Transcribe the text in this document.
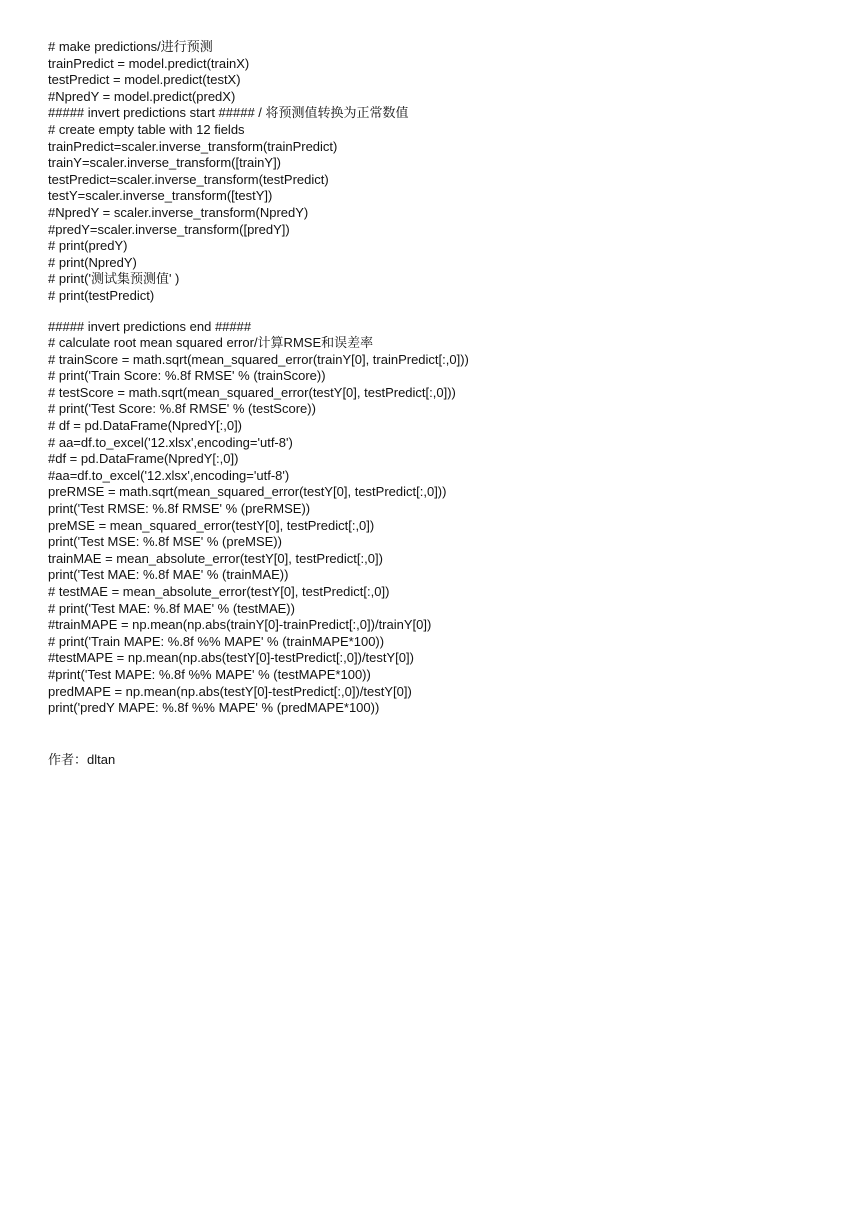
# make predictions/进行预测
trainPredict = model.predict(trainX)
testPredict = model.predict(testX)
#NpredY = model.predict(predX)
##### invert predictions start ##### / 将预测值转换为正常数值
# create empty table with 12 fields
trainPredict=scaler.inverse_transform(trainPredict)
trainY=scaler.inverse_transform([trainY])
testPredict=scaler.inverse_transform(testPredict)
testY=scaler.inverse_transform([testY])
#NpredY = scaler.inverse_transform(NpredY)
#predY=scaler.inverse_transform([predY])
# print(predY)
# print(NpredY)
# print('测试集预测值' )
# print(testPredict)
##### invert predictions end #####
# calculate root mean squared error/计算RMSE和误差率
# trainScore = math.sqrt(mean_squared_error(trainY[0], trainPredict[:,0]))
# print('Train Score: %.8f RMSE' % (trainScore))
# testScore = math.sqrt(mean_squared_error(testY[0], testPredict[:,0]))
# print('Test Score: %.8f RMSE' % (testScore))
# df = pd.DataFrame(NpredY[:,0])
# aa=df.to_excel('12.xlsx',encoding='utf-8')
#df = pd.DataFrame(NpredY[:,0])
#aa=df.to_excel('12.xlsx',encoding='utf-8')
preRMSE = math.sqrt(mean_squared_error(testY[0], testPredict[:,0]))
print('Test RMSE: %.8f RMSE' % (preRMSE))
preMSE = mean_squared_error(testY[0], testPredict[:,0])
print('Test MSE: %.8f MSE' % (preMSE))
trainMAE = mean_absolute_error(testY[0], testPredict[:,0])
print('Test MAE: %.8f MAE' % (trainMAE))
# testMAE = mean_absolute_error(testY[0], testPredict[:,0])
# print('Test MAE: %.8f MAE' % (testMAE))
#trainMAPE = np.mean(np.abs(trainY[0]-trainPredict[:,0])/trainY[0])
# print('Train MAPE: %.8f %% MAPE' % (trainMAPE*100))
#testMAPE = np.mean(np.abs(testY[0]-testPredict[:,0])/testY[0])
#print('Test MAPE: %.8f %% MAPE' % (testMAPE*100))
predMAPE = np.mean(np.abs(testY[0]-testPredict[:,0])/testY[0])
print('predY MAPE: %.8f %% MAPE' % (predMAPE*100))
作者：dltan
